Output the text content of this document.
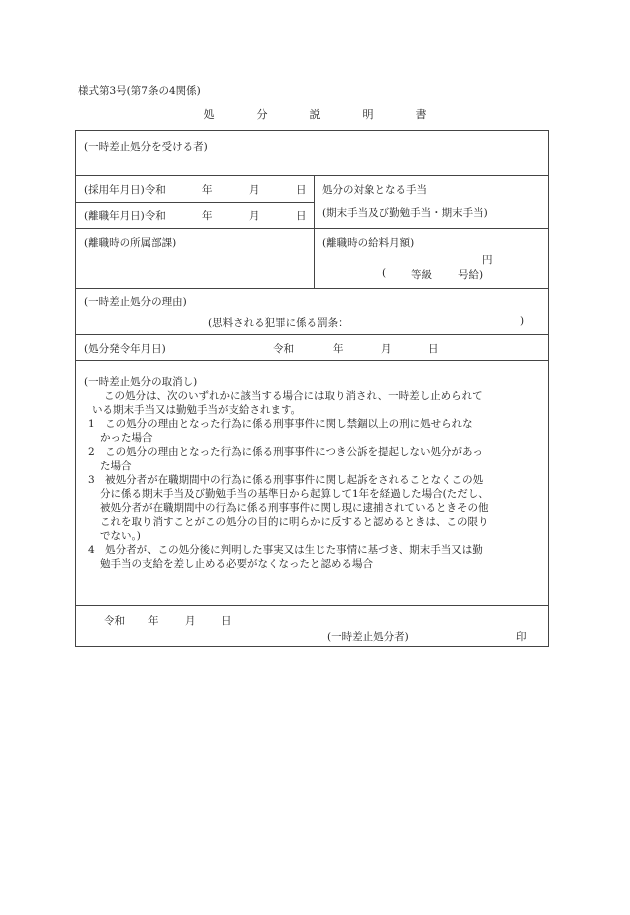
様式第3号(第7条の4関係)
処	分	説	明	書
(一時差止処分を受ける者)
(採用年月日)令和	年	月	日
(離職年月日)令和	年	月	日
処分の対象となる手当
(期末手当及び勤勉手当・期末手当)
(離職時の所属部課)	(離職時の給料月額)
円
( 等級 号給)
(一時差止処分の理由)
(思料される犯罪に係る罰条：	)
(処分発令年月日)	令和	年	月	日
(一時差止処分の取消し)
この処分は、次のいずれかに該当する場合には取り消され、一時差し止められて
いる期末手当又は勤勉手当が支給されます。
1　この処分の理由となった行為に係る刑事事件に関し禁錮以上の刑に処せられな
かった場合
2　この処分の理由となった行為に係る刑事事件につき公訴を提起しない処分があっ
た場合
3　被処分者が在職期間中の行為に係る刑事事件に関し起訴をされることなくこの処
分に係る期末手当及び勤勉手当の基準日から起算して1年を経過した場合(ただし、
被処分者が在職期間中の行為に係る刑事事件に関し現に逮捕されているときその他
これを取り消すことがこの処分の目的に明らかに反すると認めるときは、この限り
でない。)
4　処分者が、この処分後に判明した事実又は生じた事情に基づき、期末手当又は勤
勉手当の支給を差し止める必要がなくなったと認める場合
令和 年	月 日
(一時差止処分者)	印
